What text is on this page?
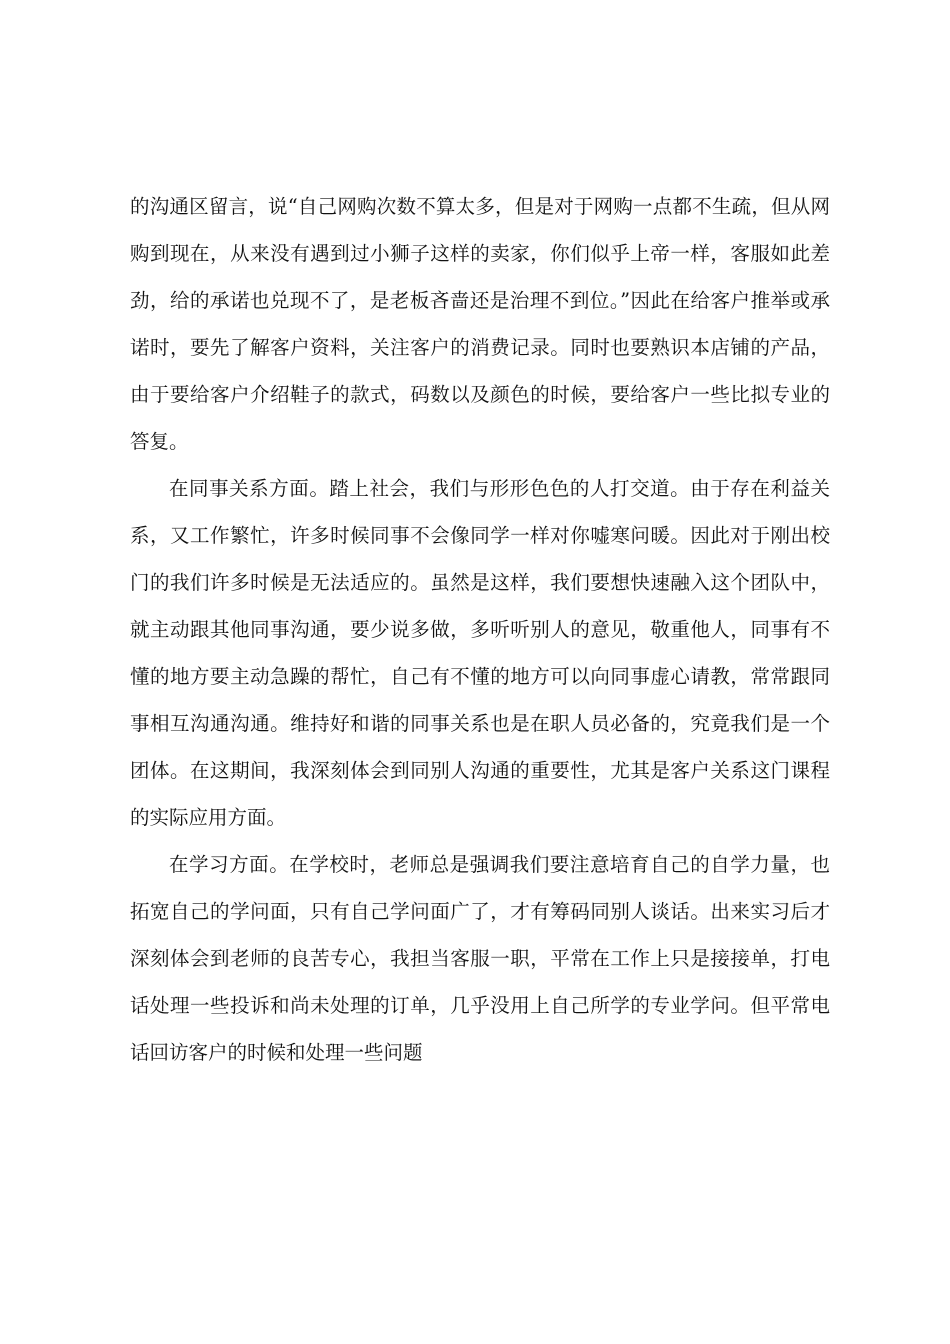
的沟通区留言，说“自己网购次数不算太多，但是对于网购一点都不生疏，但从网购到现在，从来没有遇到过小狮子这样的卖家，你们似乎上帝一样，客服如此差劲，给的承诺也兑现不了，是老板吝啬还是治理不到位。”因此在给客户推举或承诺时，要先了解客户资料，关注客户的消费记录。同时也要熟识本店铺的产品，由于要给客户介绍鞋子的款式，码数以及颜色的时候，要给客户一些比拟专业的答复。

在同事关系方面。踏上社会，我们与形形色色的人打交道。由于存在利益关系，又工作繁忙，许多时候同事不会像同学一样对你嘘寒问暖。因此对于刚出校门的我们许多时候是无法适应的。虽然是这样，我们要想快速融入这个团队中，就主动跟其他同事沟通，要少说多做，多听听别人的意见，敬重他人，同事有不懂的地方要主动急躁的帮忙，自己有不懂的地方可以向同事虚心请教，常常跟同事相互沟通沟通。维持好和谐的同事关系也是在职人员必备的，究竟我们是一个团体。在这期间，我深刻体会到同别人沟通的重要性，尤其是客户关系这门课程的实际应用方面。

在学习方面。在学校时，老师总是强调我们要注意培育自己的自学力量，也拓宽自己的学问面，只有自己学问面广了，才有筹码同别人谈话。出来实习后才深刻体会到老师的良苦专心，我担当客服一职，平常在工作上只是接接单，打电话处理一些投诉和尚未处理的订单，几乎没用上自己所学的专业学问。但平常电话回访客户的时候和处理一些问题
